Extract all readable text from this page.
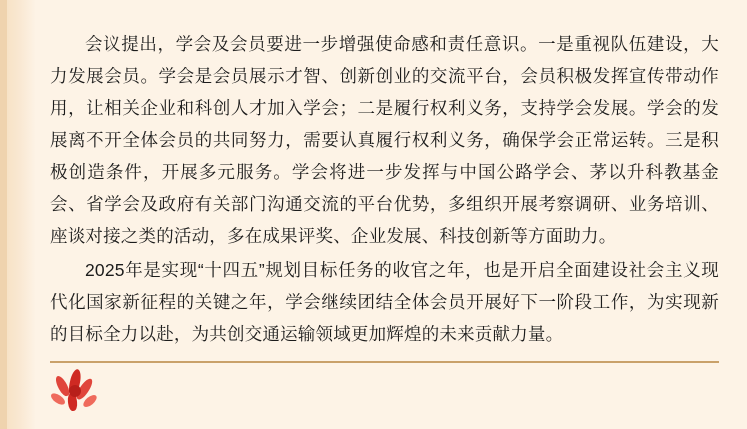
会议提出，学会及会员要进一步增强使命感和责任意识。一是重视队伍建设，大力发展会员。学会是会员展示才智、创新创业的交流平台，会员积极发挥宣传带动作用，让相关企业和科创人才加入学会；二是履行权利义务，支持学会发展。学会的发展离不开全体会员的共同努力，需要认真履行权利义务，确保学会正常运转。三是积极创造条件，开展多元服务。学会将进一步发挥与中国公路学会、茅以升科教基金会、省学会及政府有关部门沟通交流的平台优势，多组织开展考察调研、业务培训、座谈对接之类的活动，多在成果评奖、企业发展、科技创新等方面助力。

2025年是实现“十四五”规划目标任务的收官之年，也是开启全面建设社会主义现代化国家新征程的关键之年，学会继续团结全体会员开展好下一阶段工作，为实现新的目标全力以赴，为共创交通运输领域更加辉煌的未来贡献力量。
